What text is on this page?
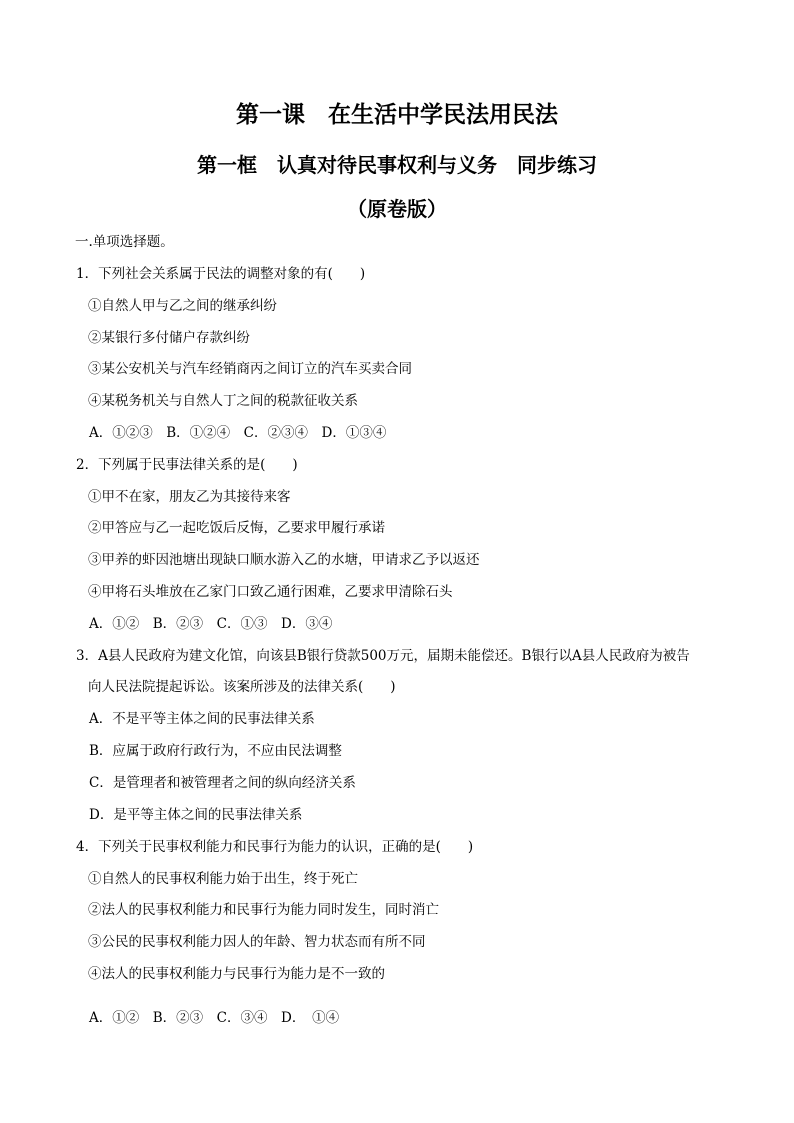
第一课　在生活中学民法用民法
第一框　认真对待民事权利与义务　同步练习
（原卷版）
一.单项选择题。
1．下列社会关系属于民法的调整对象的有(　　)
①自然人甲与乙之间的继承纠纷
②某银行多付储户存款纠纷
③某公安机关与汽车经销商丙之间订立的汽车买卖合同
④某税务机关与自然人丁之间的税款征收关系
A．①②③　B．①②④　C．②③④　D．①③④
2．下列属于民事法律关系的是(　　)
①甲不在家，朋友乙为其接待来客
②甲答应与乙一起吃饭后反悔，乙要求甲履行承诺
③甲养的虾因池塘出现缺口顺水游入乙的水塘，甲请求乙予以返还
④甲将石头堆放在乙家门口致乙通行困难，乙要求甲清除石头
A．①②　B．②③　C．①③　D．③④
3．A县人民政府为建文化馆，向该县B银行贷款500万元，届期未能偿还。B银行以A县人民政府为被告
向人民法院提起诉讼。该案所涉及的法律关系(　　)
A．不是平等主体之间的民事法律关系
B．应属于政府行政行为，不应由民法调整
C．是管理者和被管理者之间的纵向经济关系
D．是平等主体之间的民事法律关系
4．下列关于民事权利能力和民事行为能力的认识，正确的是(　　)
①自然人的民事权利能力始于出生，终于死亡
②法人的民事权利能力和民事行为能力同时发生，同时消亡
③公民的民事权利能力因人的年龄、智力状态而有所不同
④法人的民事权利能力与民事行为能力是不一致的
A．①②　B．②③　C．③④　D．　①④
